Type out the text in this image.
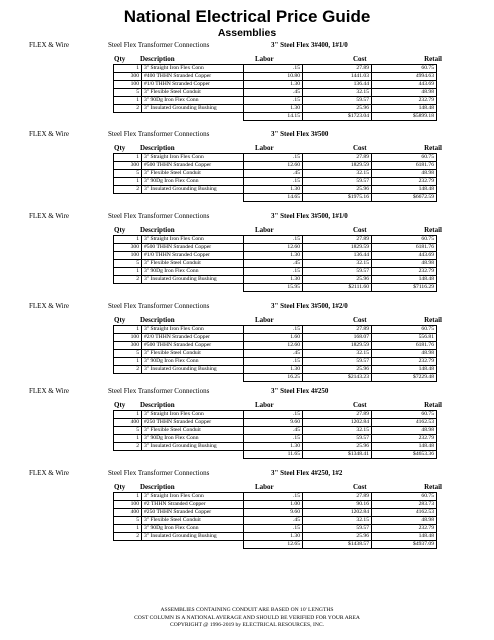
National Electrical Price Guide
Assemblies
FLEX & Wire	Steel Flex Transformer Connections	3" Steel Flex 3#400, 1#1/0
Qty Description	Labor	Cost	Retail
1	3" Straight Iron Flex Conn	.15	27.89	60.75
300	#400 THHN Stranded Copper	10.80	1441.03	4994.63
100	#1/0 THHN Stranded Copper	1.30	136.44	443.69
5	3" Flexible Steel Conduit	.45	32.15	48.98
1	3" 90Dg Iron Flex Conn	.15	59.57	232.79
2	3" Insulated Grounding Bushing	1.30	25.96	148.48
		14.15	$1723.04	$5899.18
FLEX & Wire	Steel Flex Transformer Connections	3" Steel Flex 3#500
Qty Description	Labor	Cost	Retail
1	3" Straight Iron Flex Conn	.15	27.89	60.75
300	#500 THHN Stranded Copper	12.60	1829.59	6181.76
5	3" Flexible Steel Conduit	.45	32.15	48.98
1	3" 90Dg Iron Flex Conn	.15	59.57	232.79
2	3" Insulated Grounding Bushing	1.30	25.96	148.48
		14.65	$1975.16	$6672.59
FLEX & Wire	Steel Flex Transformer Connections	3" Steel Flex 3#500, 1#1/0
Qty Description	Labor	Cost	Retail
1	3" Straight Iron Flex Conn	.15	27.89	60.75
300	#500 THHN Stranded Copper	12.60	1829.59	6181.76
100	#1/0 THHN Stranded Copper	1.30	136.44	443.69
5	3" Flexible Steel Conduit	.45	32.15	48.98
1	3" 90Dg Iron Flex Conn	.15	59.57	232.79
2	3" Insulated Grounding Bushing	1.30	25.96	148.48
		15.95	$2111.60	$7116.29
FLEX & Wire	Steel Flex Transformer Connections	3" Steel Flex 3#500, 1#2/0
Qty Description	Labor	Cost	Retail
1	3" Straight Iron Flex Conn	.15	27.89	60.75
100	#2/0 THHN Stranded Copper	1.60	168.07	556.81
300	#500 THHN Stranded Copper	12.60	1829.59	6181.76
5	3" Flexible Steel Conduit	.45	32.15	48.98
1	3" 90Dg Iron Flex Conn	.15	59.57	232.79
2	3" Insulated Grounding Bushing	1.30	25.96	148.48
		16.25	$2143.23	$7229.48
FLEX & Wire	Steel Flex Transformer Connections	3" Steel Flex 4#250
Qty Description	Labor	Cost	Retail
1	3" Straight Iron Flex Conn	.15	27.89	60.75
400	#250 THHN Stranded Copper	9.60	1202.84	4162.53
5	3" Flexible Steel Conduit	.45	32.15	48.98
1	3" 90Dg Iron Flex Conn	.15	59.57	232.79
2	3" Insulated Grounding Bushing	1.30	25.96	148.48
		11.65	$1348.41	$4653.36
FLEX & Wire	Steel Flex Transformer Connections	3" Steel Flex 4#250, 1#2
Qty Description	Labor	Cost	Retail
1	3" Straight Iron Flex Conn	.15	27.89	60.75
100	#2 THHN Stranded Copper	1.00	90.16	283.73
400	#250 THHN Stranded Copper	9.60	1202.84	4162.53
5	3" Flexible Steel Conduit	.45	32.15	48.98
1	3" 90Dg Iron Flex Conn	.15	59.57	232.79
2	3" Insulated Grounding Bushing	1.30	25.96	148.48
		12.65	$1438.57	$4937.09
ASSEMBLIES CONTAINING CONDUIT ARE BASED ON 10' LENGTHS
COST COLUMN IS A NATIONAL AVERAGE AND SHOULD BE VERIFIED FOR YOUR AREA
COPYRIGHT @ 1996-2019 by ELECTRICAL RESOURCES, INC.
